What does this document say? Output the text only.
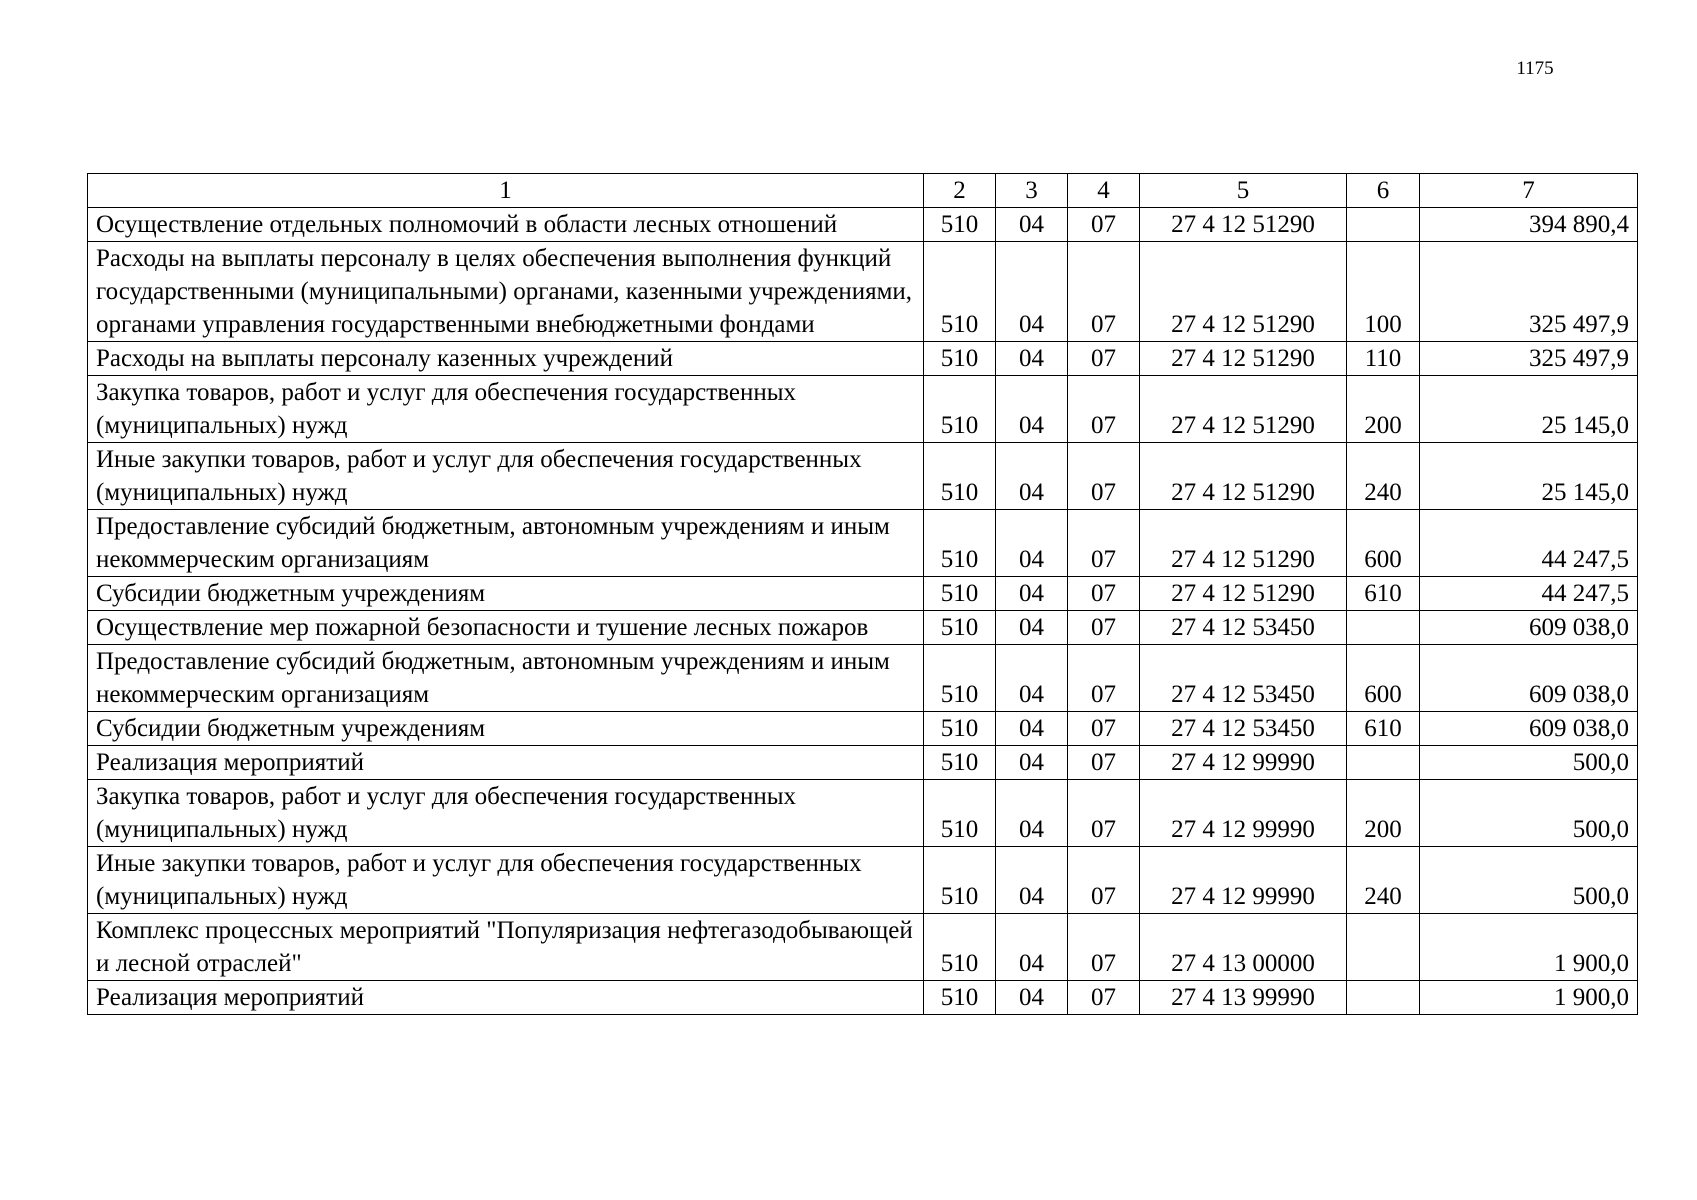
1175
1	2	3	4	5	6	7
Осуществление отдельных полномочий в области лесных отношений	510	04	07	27 4 12 51290		394 890,4
Расходы на выплаты персоналу в целях обеспечения выполнения функций государственными (муниципальными) органами, казенными учреждениями, органами управления государственными внебюджетными фондами	510	04	07	27 4 12 51290	100	325 497,9
Расходы на выплаты персоналу казенных учреждений	510	04	07	27 4 12 51290	110	325 497,9
Закупка товаров, работ и услуг для обеспечения государственных (муниципальных) нужд	510	04	07	27 4 12 51290	200	25 145,0
Иные закупки товаров, работ и услуг для обеспечения государственных (муниципальных) нужд	510	04	07	27 4 12 51290	240	25 145,0
Предоставление субсидий бюджетным, автономным учреждениям и иным некоммерческим организациям	510	04	07	27 4 12 51290	600	44 247,5
Субсидии бюджетным учреждениям	510	04	07	27 4 12 51290	610	44 247,5
Осуществление мер пожарной безопасности и тушение лесных пожаров	510	04	07	27 4 12 53450		609 038,0
Предоставление субсидий бюджетным, автономным учреждениям и иным некоммерческим организациям	510	04	07	27 4 12 53450	600	609 038,0
Субсидии бюджетным учреждениям	510	04	07	27 4 12 53450	610	609 038,0
Реализация мероприятий	510	04	07	27 4 12 99990		500,0
Закупка товаров, работ и услуг для обеспечения государственных (муниципальных) нужд	510	04	07	27 4 12 99990	200	500,0
Иные закупки товаров, работ и услуг для обеспечения государственных (муниципальных) нужд	510	04	07	27 4 12 99990	240	500,0
Комплекс процессных мероприятий "Популяризация нефтегазодобывающей и лесной отраслей"	510	04	07	27 4 13 00000		1 900,0
Реализация мероприятий	510	04	07	27 4 13 99990		1 900,0
